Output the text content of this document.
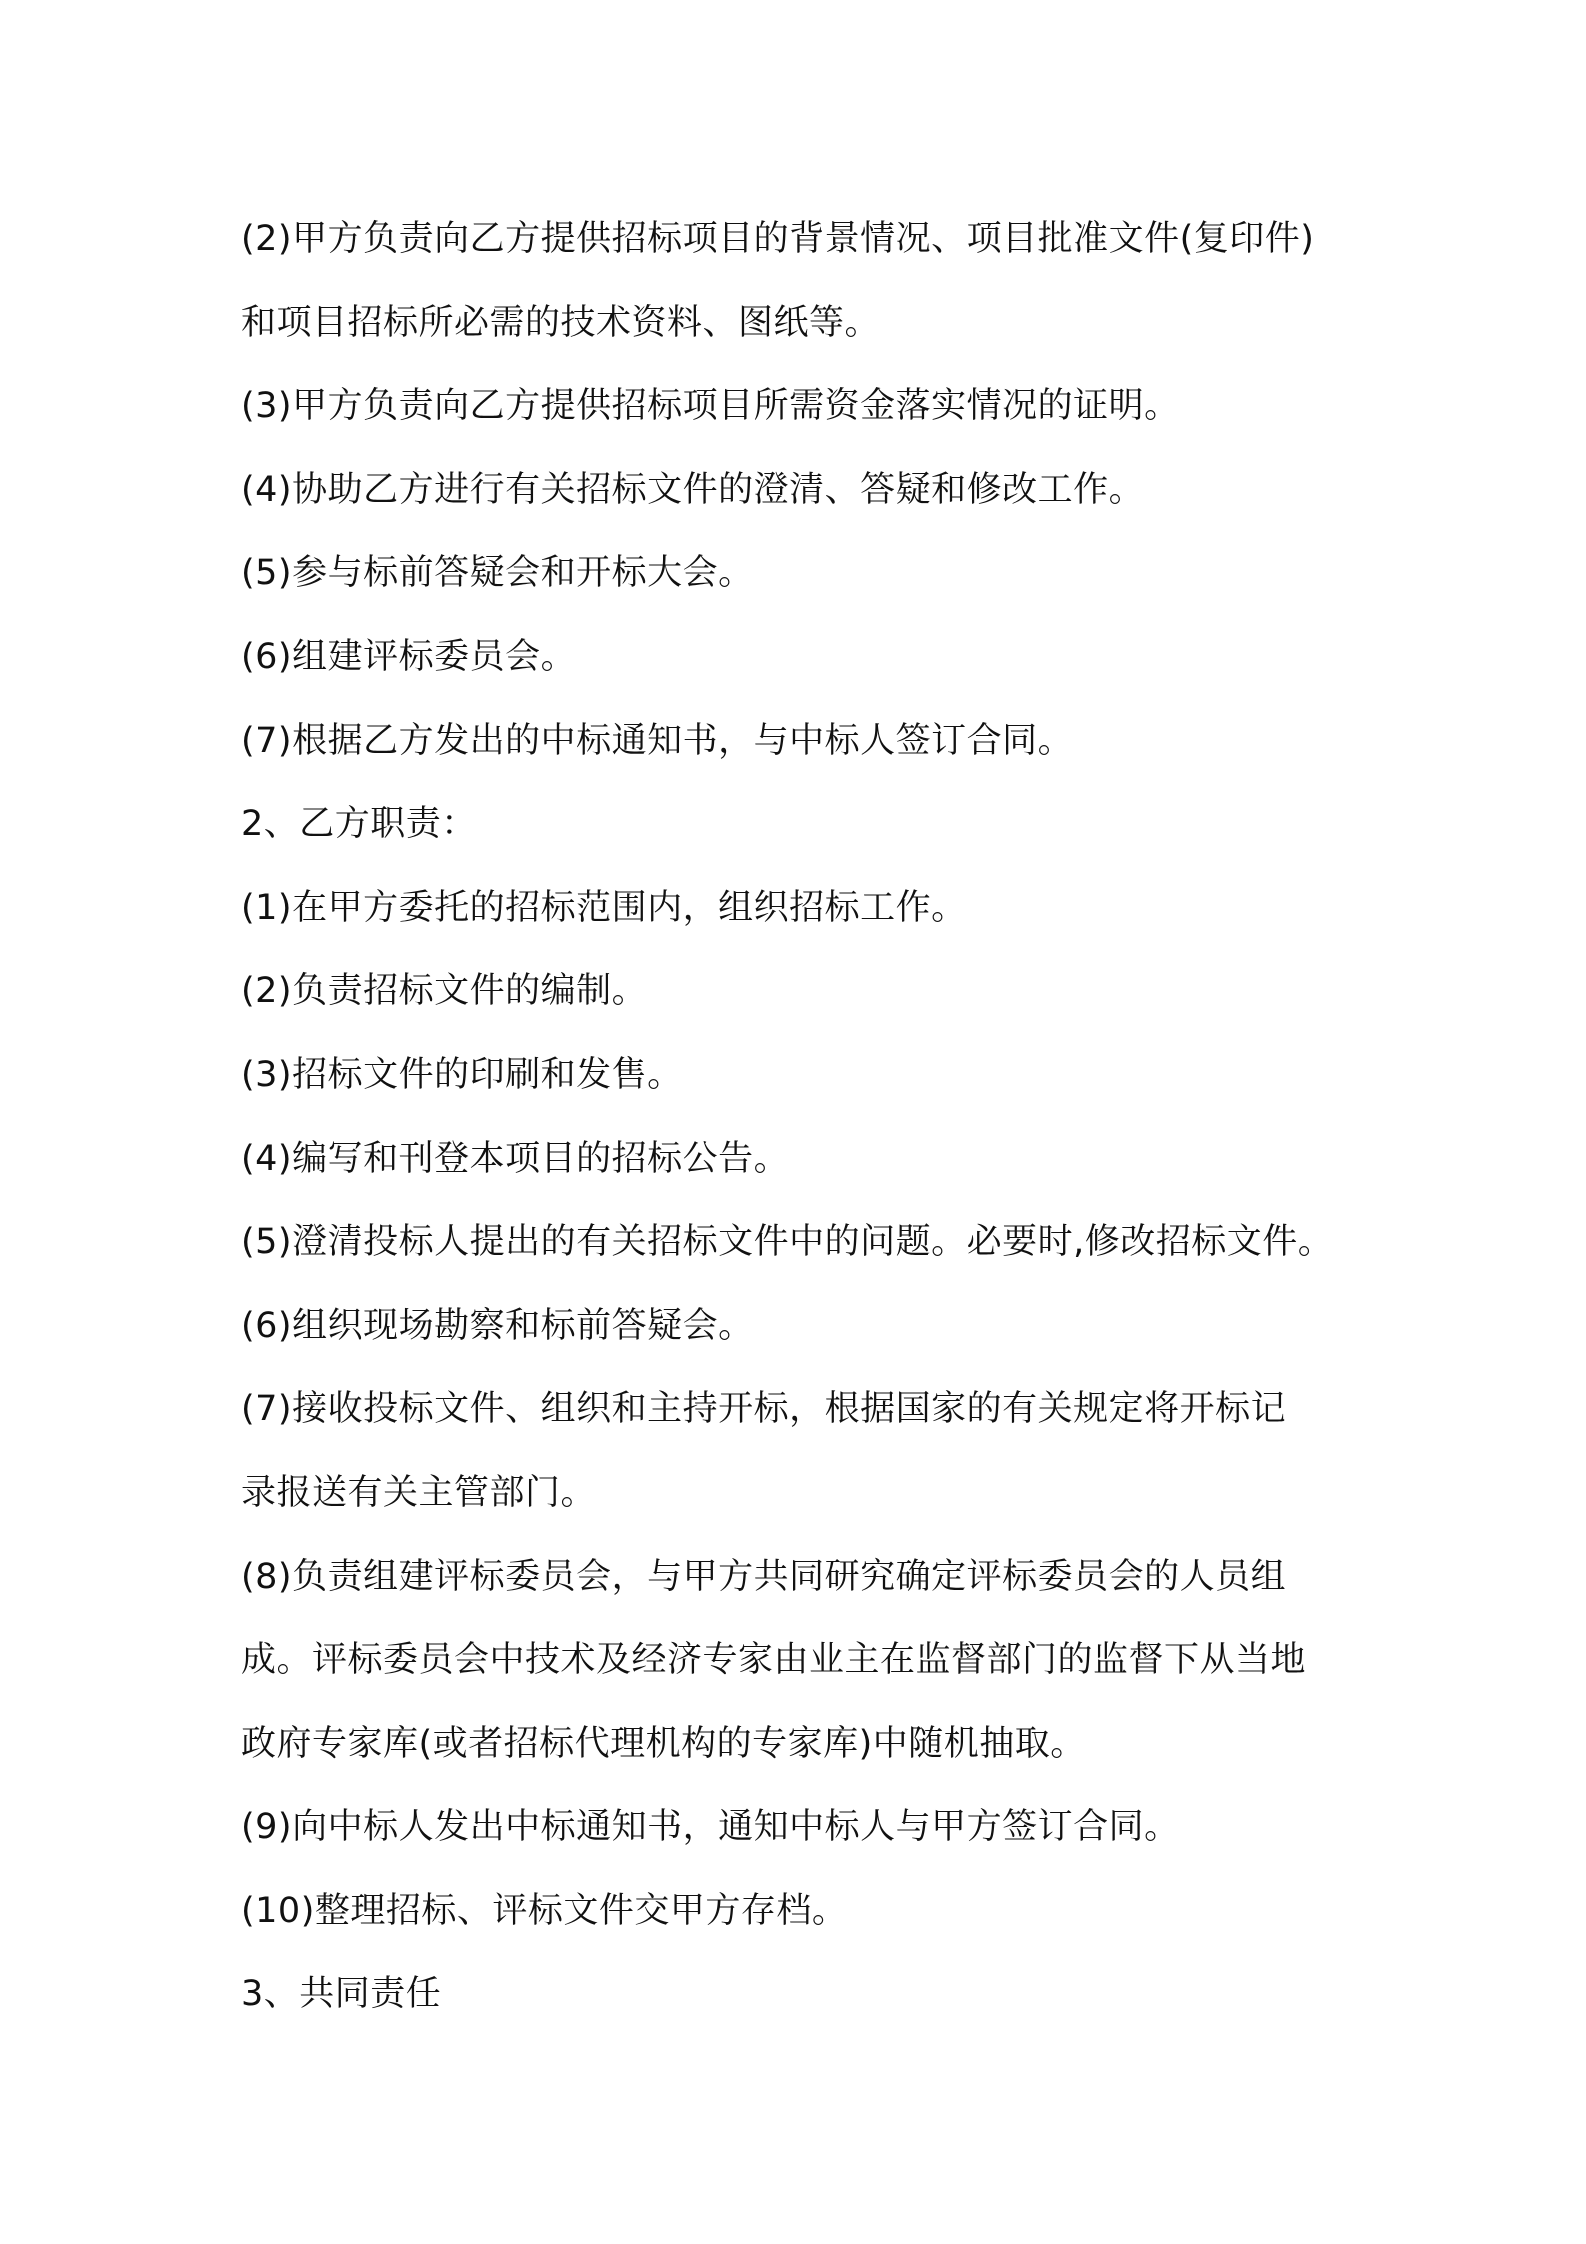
(2)甲方负责向乙方提供招标项目的背景情况、项目批准文件(复印件)
和项目招标所必需的技术资料、图纸等。
(3)甲方负责向乙方提供招标项目所需资金落实情况的证明。
(4)协助乙方进行有关招标文件的澄清、答疑和修改工作。
(5)参与标前答疑会和开标大会。
(6)组建评标委员会。
(7)根据乙方发出的中标通知书，与中标人签订合同。
2、乙方职责：
(1)在甲方委托的招标范围内，组织招标工作。
(2)负责招标文件的编制。
(3)招标文件的印刷和发售。
(4)编写和刊登本项目的招标公告。
(5)澄清投标人提出的有关招标文件中的问题。必要时,修改招标文件。
(6)组织现场勘察和标前答疑会。
(7)接收投标文件、组织和主持开标，根据国家的有关规定将开标记
录报送有关主管部门。
(8)负责组建评标委员会，与甲方共同研究确定评标委员会的人员组
成。评标委员会中技术及经济专家由业主在监督部门的监督下从当地
政府专家库(或者招标代理机构的专家库)中随机抽取。
(9)向中标人发出中标通知书，通知中标人与甲方签订合同。
(10)整理招标、评标文件交甲方存档。
3、共同责任
